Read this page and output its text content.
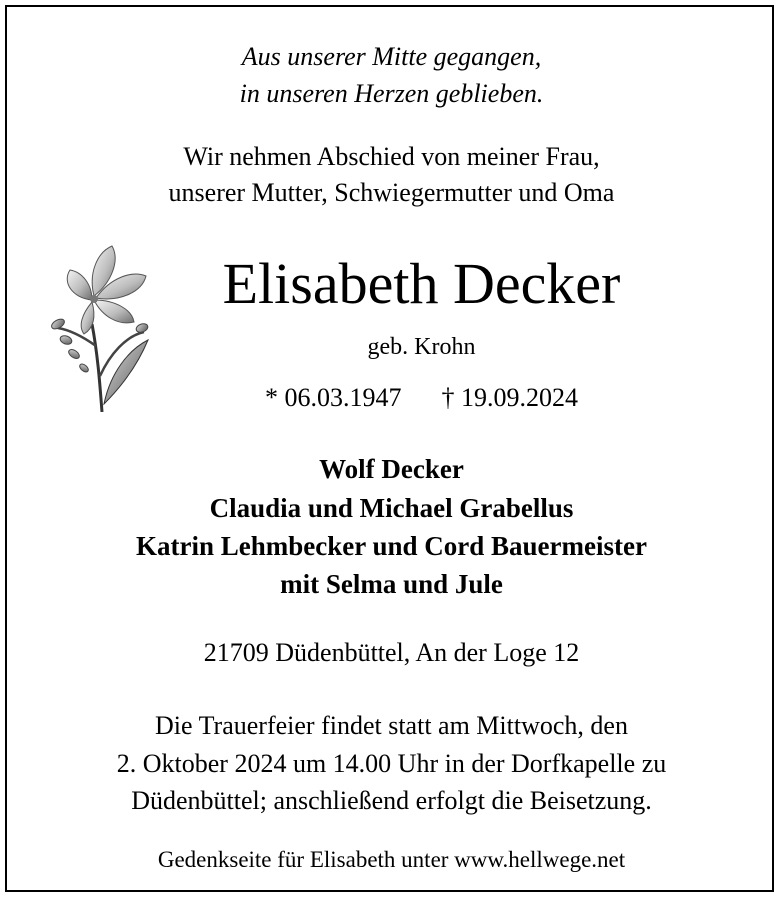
Aus unserer Mitte gegangen,
in unseren Herzen geblieben.
Wir nehmen Abschied von meiner Frau,
unserer Mutter, Schwiegermutter und Oma
Elisabeth Decker
geb. Krohn
* 06.03.1947 † 19.09.2024
Wolf Decker
Claudia und Michael Grabellus
Katrin Lehmbecker und Cord Bauermeister
mit Selma und Jule
21709 Düdenbüttel, An der Loge 12
Die Trauerfeier findet statt am Mittwoch, den
2. Oktober 2024 um 14.00 Uhr in der Dorfkapelle zu
Düdenbüttel; anschließend erfolgt die Beisetzung.
Gedenkseite für Elisabeth unter www.hellwege.net
